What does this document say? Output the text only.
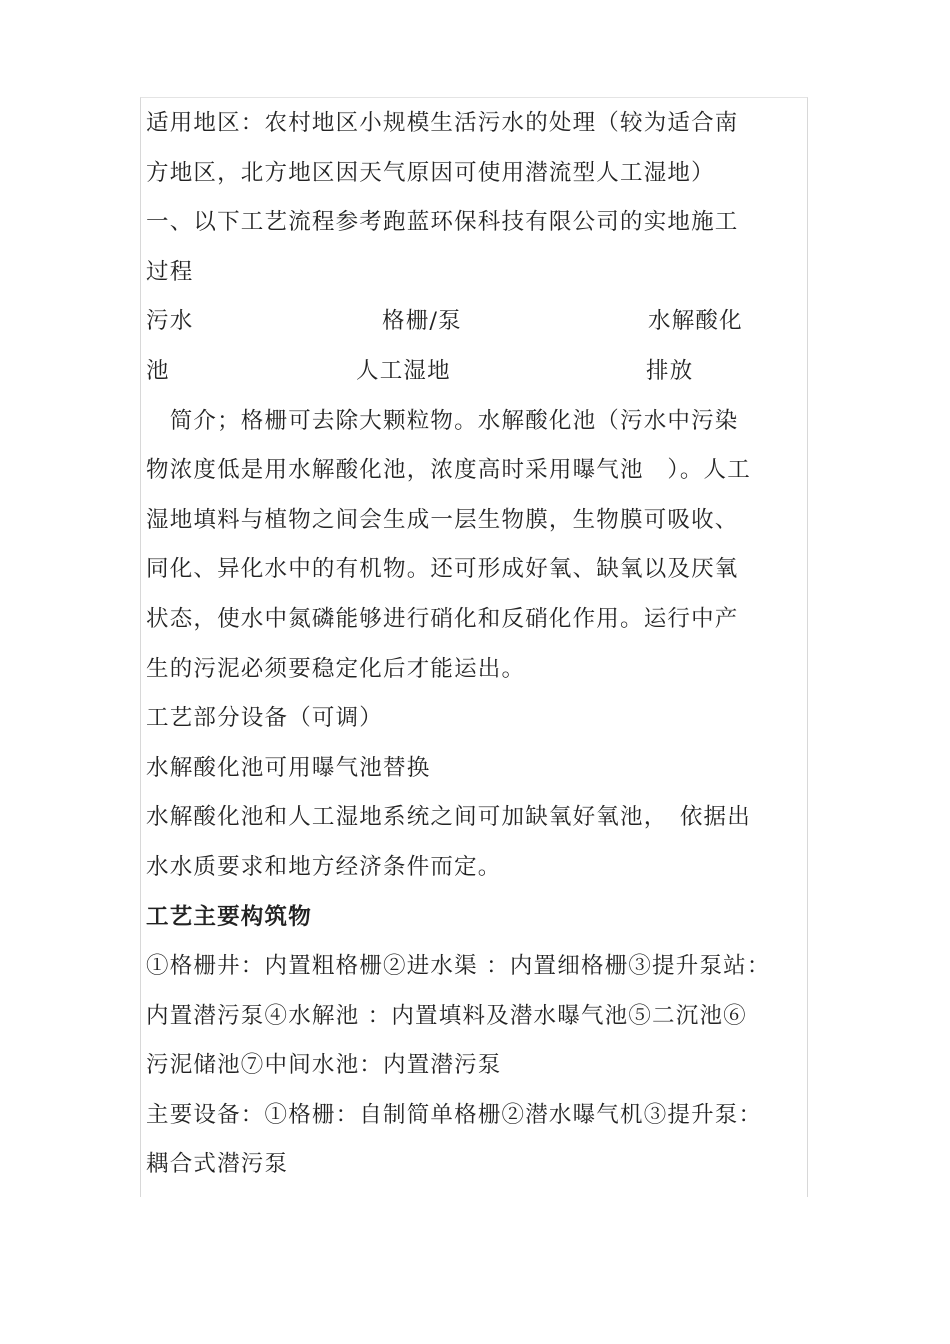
适用地区：农村地区小规模生活污水的处理（较为适合南
方地区，北方地区因天气原因可使用潜流型人工湿地）
一、以下工艺流程参考跑蓝环保科技有限公司的实地施工
过程
污水	格栅/泵	水解酸化
池	人工湿地	排放
　简介；格栅可去除大颗粒物。水解酸化池（污水中污染
物浓度低是用水解酸化池，浓度高时采用曝气池　）。人工
湿地填料与植物之间会生成一层生物膜，生物膜可吸收、
同化、异化水中的有机物。还可形成好氧、缺氧以及厌氧
状态，使水中氮磷能够进行硝化和反硝化作用。运行中产
生的污泥必须要稳定化后才能运出。
工艺部分设备（可调）
水解酸化池可用曝气池替换
水解酸化池和人工湿地系统之间可加缺氧好氧池，　依据出
水水质要求和地方经济条件而定。
工艺主要构筑物
①格栅井：内置粗格栅②进水渠 ：内置细格栅③提升泵站：
内置潜污泵④水解池 ：内置填料及潜水曝气池⑤二沉池⑥
污泥储池⑦中间水池：内置潜污泵
主要设备：①格栅：自制简单格栅②潜水曝气机③提升泵：
耦合式潜污泵
